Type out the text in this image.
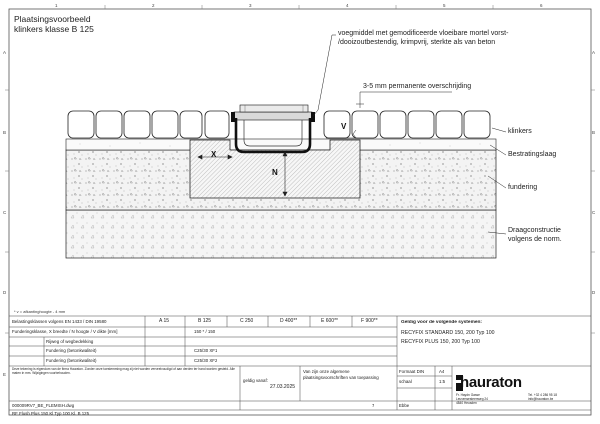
1	2	3	4	5	6
A
B
C
D
E
A
B
C
D
Plaatsingsvoorbeeld
klinkers klasse B 125	voegmiddel met gemodificeerde vloeibare mortel vorst-
/dooizoutbestendig, krimpvrij, sterkte als van beton
3-5 mm permanente overschrijding
klinkers
Bestratingslaag
fundering
Draagconstructie
volgens de norm.
X
N
V
* v = afkantinghoogte - 4 mm
Belastingsklassen volgens EN 1433 / DIN 19580	A 15	B 125	C 250	D 400**	E 600**	F 900**
Funderingsklasse, X breedte / N hoogte / V dikte [mm]	150 * / 150
Rijweg of wegbedekking
Fundering (betonkwaliteit)	C25/30 XF1
Fundering (betonkwaliteit)	C25/30 XF2
Geldig voor de volgende systemen:
RECYFIX STANDARD 150, 200 Typ 100
RECYFIX PLUS 150, 200 Typ 100
Deze tekening is eigendom van de firma Hauraton. Zonder onze toestemming mag zij niet worden verveelvoudigd of aan derden ter hand worden gesteld. Alle maten in mm. Wijzigingen voorbehouden.
geldig vanaf:
27.03.2025
Van zijn onze algemene
plaatsingsvoorschriften van toepassing
Formaat DIN	A4
schaal	1:5
Ebbe
7
000009RV7_BE_FLEMISH.dwg
RF Flush Plus 150 Kl Typ 100 Kl. B 125
hauraton
Fr. Haydn Gasse
Leuvensesteenweg 24
4840 Heusden
Tel. +32 4 286 95 18
info@hauraton.be
